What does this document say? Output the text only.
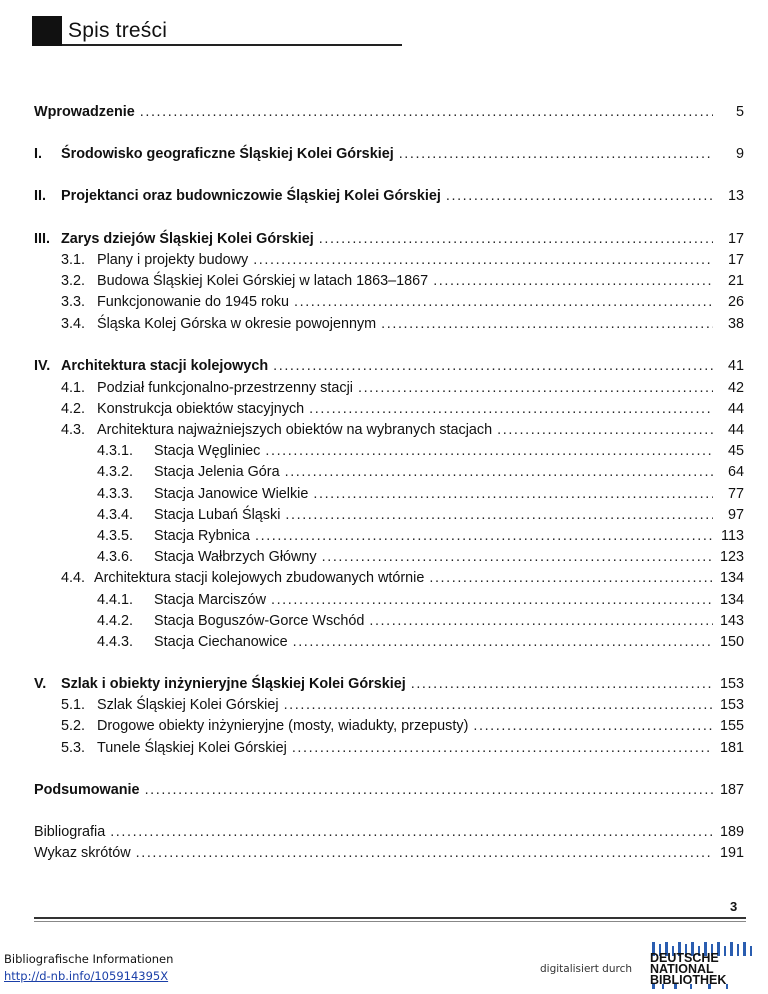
Spis treści
Wprowadzenie .....	5
I.	Środowisko geograficzne Śląskiej Kolei Górskiej .....	9
II.	Projektanci oraz budowniczowie Śląskiej Kolei Górskiej .....	13
III. Zarys dziejów Śląskiej Kolei Górskiej .....	17
3.1. Plany i projekty budowy .....	17
3.2. Budowa Śląskiej Kolei Górskiej w latach 1863–1867 .....	21
3.3. Funkcjonowanie do 1945 roku .....	26
3.4. Śląska Kolej Górska w okresie powojennym .....	38
IV. Architektura stacji kolejowych .....	41
4.1. Podział funkcjonalno-przestrzenny stacji .....	42
4.2. Konstrukcja obiektów stacyjnych .....	44
4.3. Architektura najważniejszych obiektów na wybranych stacjach .....	44
4.3.1.	Stacja Węgliniec .....	45
4.3.2.	Stacja Jelenia Góra .....	64
4.3.3.	Stacja Janowice Wielkie .....	77
4.3.4.	Stacja Lubań Śląski .....	97
4.3.5.	Stacja Rybnica .....	113
4.3.6.	Stacja Wałbrzych Główny .....	123
4.4. Architektura stacji kolejowych zbudowanych wtórnie .....	134
4.4.1.	Stacja Marciszów .....	134
4.4.2.	Stacja Boguszów-Gorce Wschód .....	143
4.4.3.	Stacja Ciechanowice .....	150
V.	Szlak i obiekty inżynieryjne Śląskiej Kolei Górskiej .....	153
5.1. Szlak Śląskiej Kolei Górskiej .....	153
5.2. Drogowe obiekty inżynieryjne (mosty, wiadukty, przepusty) .....	155
5.3. Tunele Śląskiej Kolei Górskiej .....	181
Podsumowanie .....	187
Bibliografia .....	189
Wykaz skrótów .....	191
3
Bibliografische Informationen
http://d-nb.info/105914395X	digitalisiert durch
DEUTSCHE
NATIONAL
BIBLIOTHEK
